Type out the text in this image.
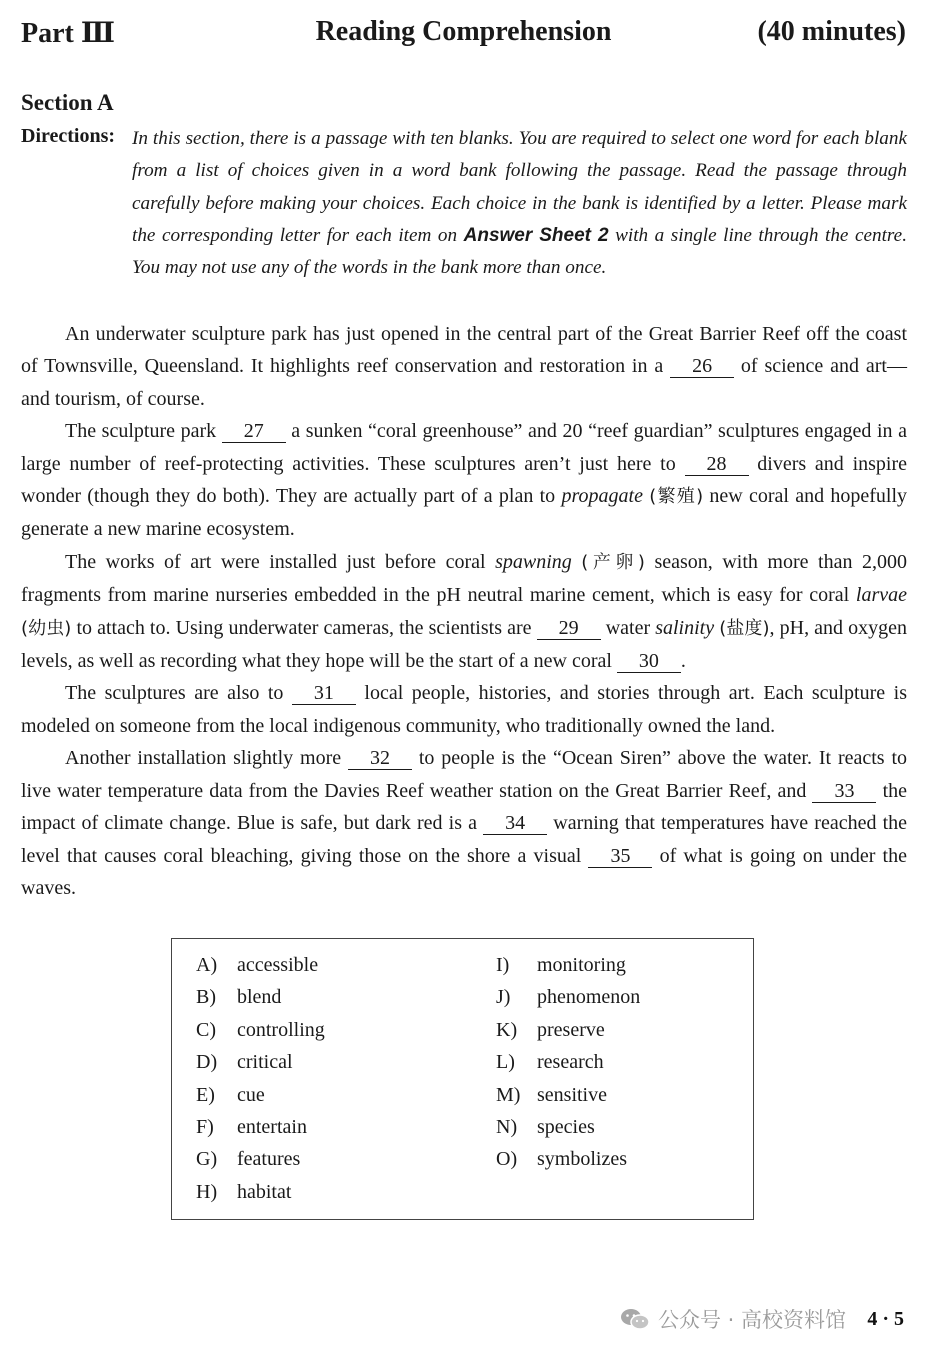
Part Ⅲ	Reading Comprehension	(40 minutes)
Section A
Directions: In this section, there is a passage with ten blanks. You are required to select one word for each blank from a list of choices given in a word bank following the passage. Read the passage through carefully before making your choices. Each choice in the bank is identified by a letter. Please mark the corresponding letter for each item on Answer Sheet 2 with a single line through the centre. You may not use any of the words in the bank more than once.

An underwater sculpture park has just opened in the central part of the Great Barrier Reef off the coast of Townsville, Queensland. It highlights reef conservation and restoration in a 26 of science and art—and tourism, of course.

The sculpture park 27 a sunken “coral greenhouse” and 20 “reef guardian” sculptures engaged in a large number of reef-protecting activities. These sculptures aren’t just here to 28 divers and inspire wonder (though they do both). They are actually part of a plan to propagate (繁殖) new coral and hopefully generate a new marine ecosystem.

The works of art were installed just before coral spawning (产卵) season, with more than 2,000 fragments from marine nurseries embedded in the pH neutral marine cement, which is easy for coral larvae (幼虫) to attach to. Using underwater cameras, the scientists are 29 water salinity (盐度), pH, and oxygen levels, as well as recording what they hope will be the start of a new coral 30 .

The sculptures are also to 31 local people, histories, and stories through art. Each sculpture is modeled on someone from the local indigenous community, who traditionally owned the land.

Another installation slightly more 32 to people is the “Ocean Siren” above the water. It reacts to live water temperature data from the Davies Reef weather station on the Great Barrier Reef, and 33 the impact of climate change. Blue is safe, but dark red is a 34 warning that temperatures have reached the level that causes coral bleaching, giving those on the shore a visual 35 of what is going on under the waves.

A) accessible
B) blend
C) controlling
D) critical
E) cue
F) entertain
G) features
H) habitat
I) monitoring
J) phenomenon
K) preserve
L) research
M) sensitive
N) species
O) symbolizes
公众号 · 高校资料馆 4 · 5
